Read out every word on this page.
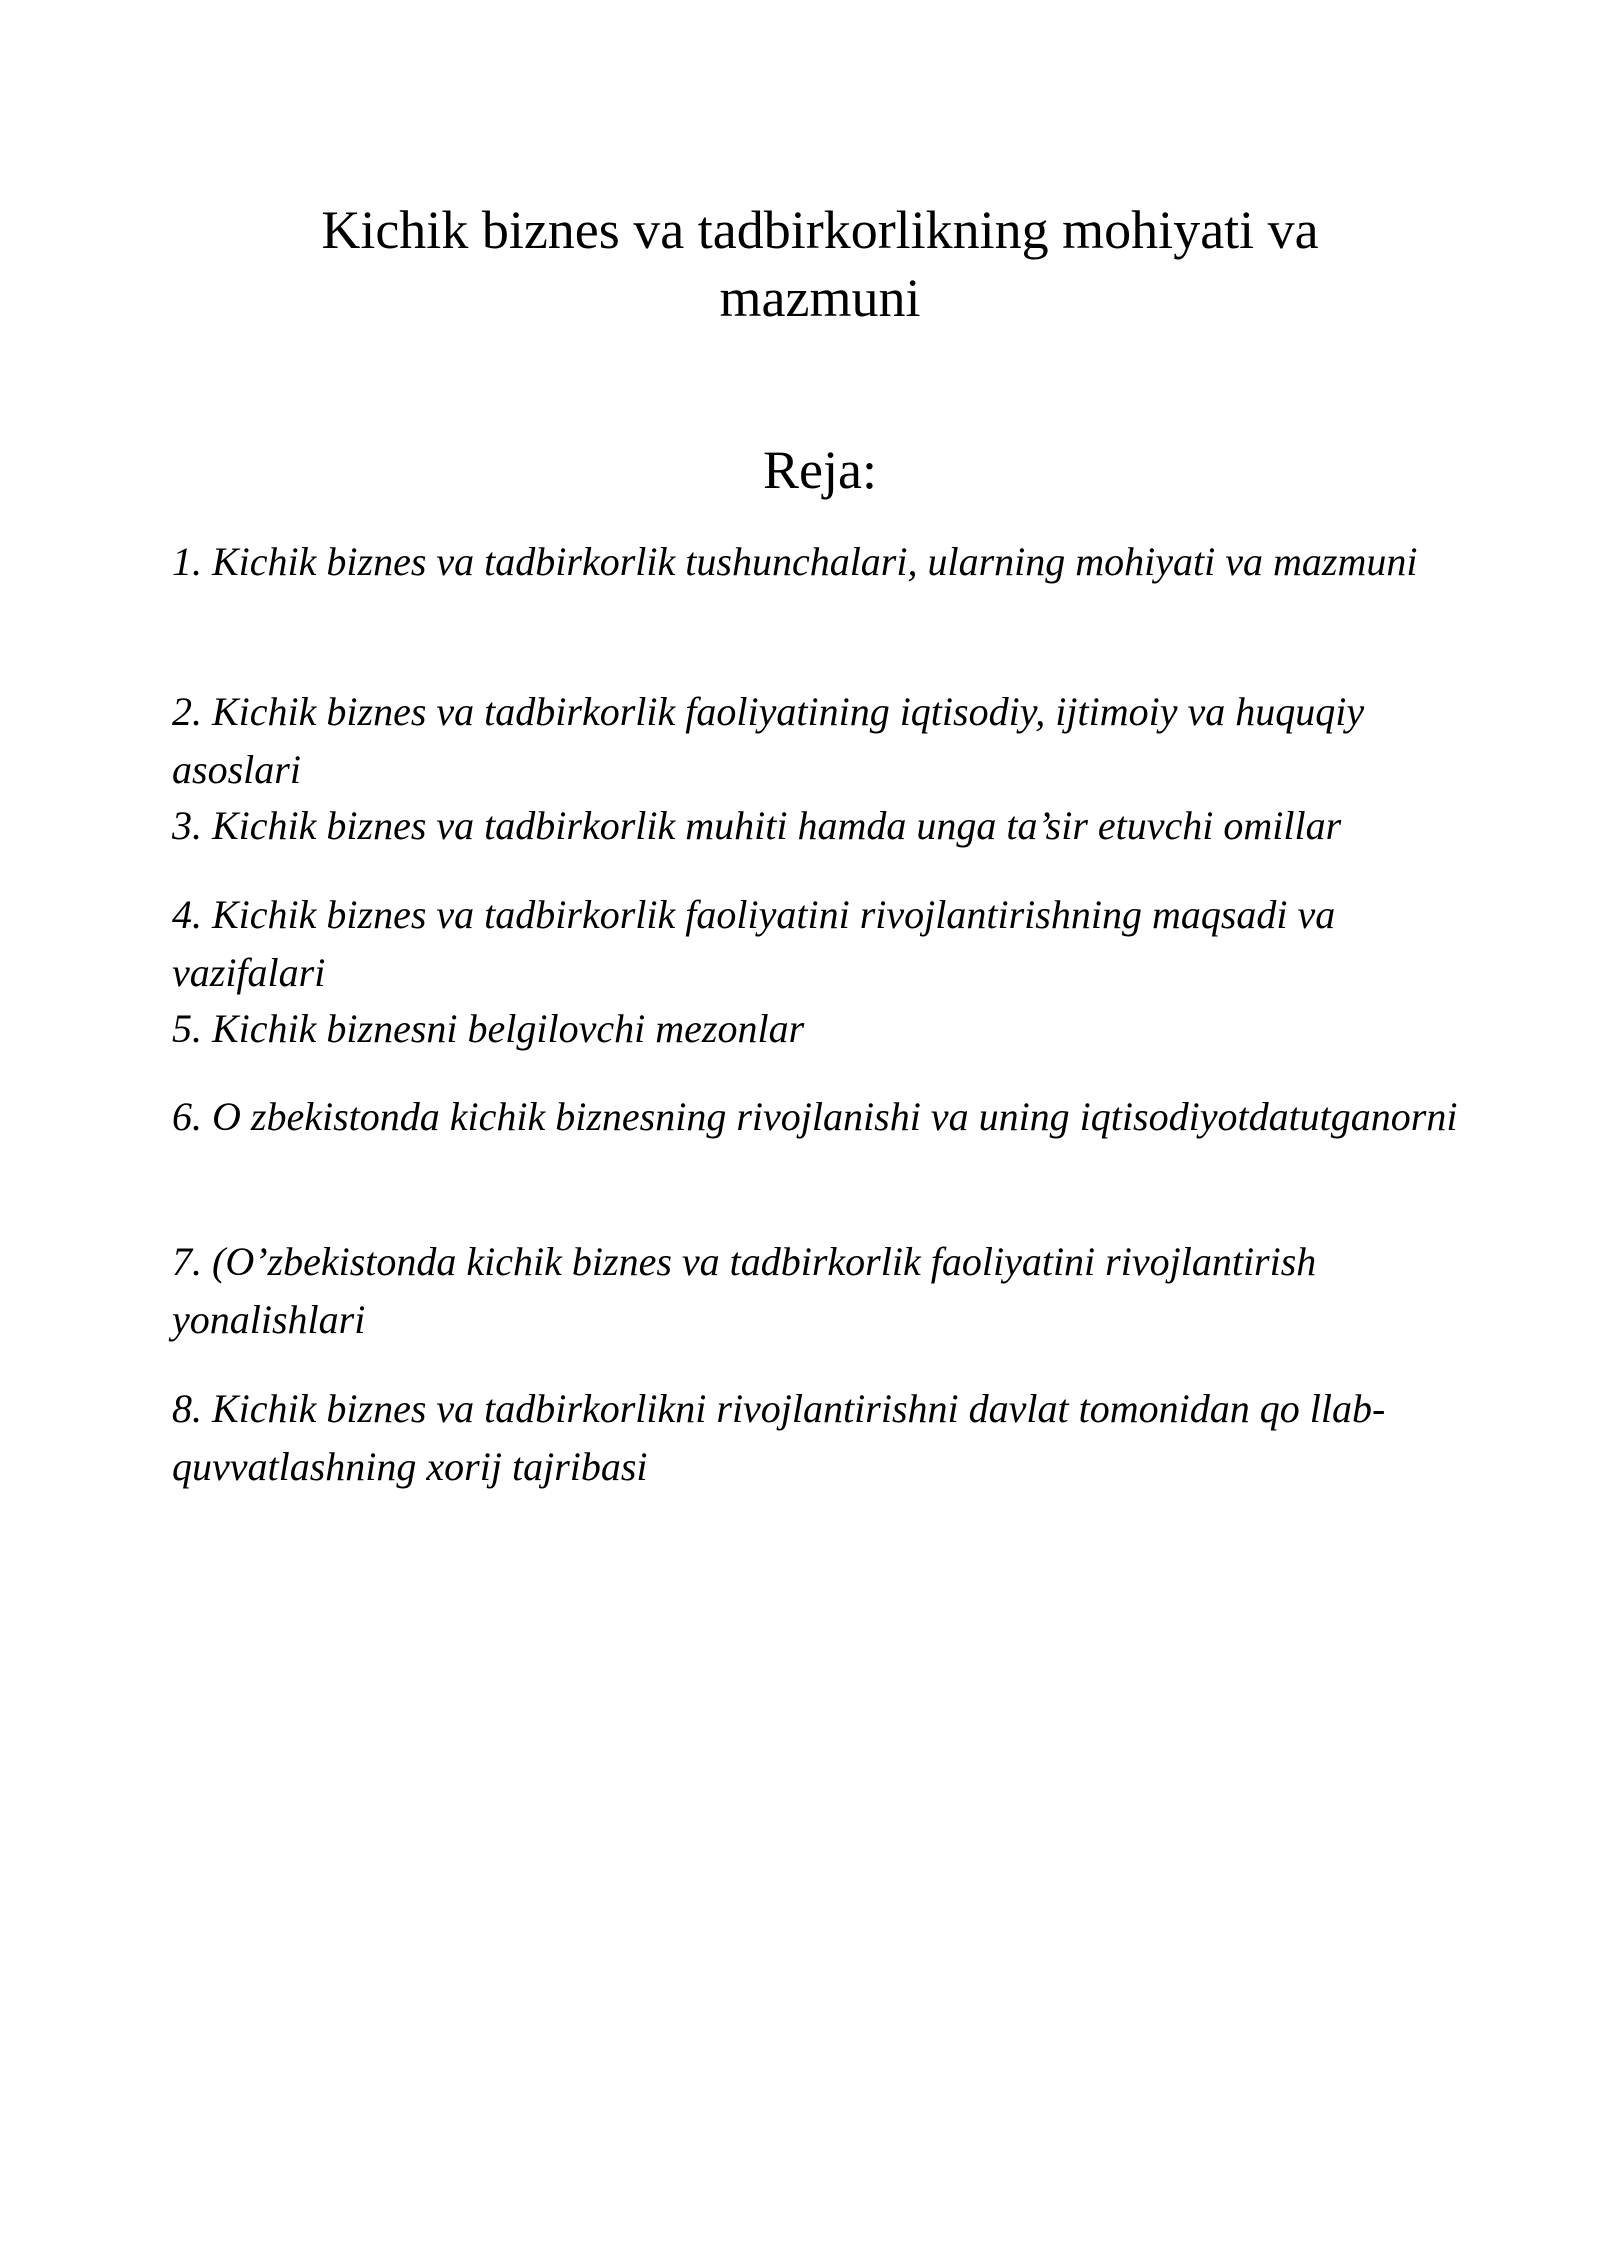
Kichik biznes va tadbirkorlikning mohiyati va mazmuni
Reja:

1. Kichik biznes va tadbirkorlik tushunchalari, ularning mohiyati va mazmuni

2. Kichik biznes va tadbirkorlik faoliyatining iqtisodiy, ijtimoiy va huquqiy asoslari

3. Kichik biznes va tadbirkorlik muhiti hamda unga ta’sir etuvchi omillar

4. Kichik biznes va tadbirkorlik faoliyatini rivojlantirishning maqsadi va vazifalari

5. Kichik biznesni belgilovchi mezonlar

6. O zbekistonda kichik biznesning rivojlanishi va uning iqtisodiyotdatutganorni

7. (O’zbekistonda kichik biznes va tadbirkorlik faoliyatini rivojlantirish yonalishlari

8. Kichik biznes va tadbirkorlikni rivojlantirishni davlat tomonidan qo llab-quvvatlashning xorij tajribasi
